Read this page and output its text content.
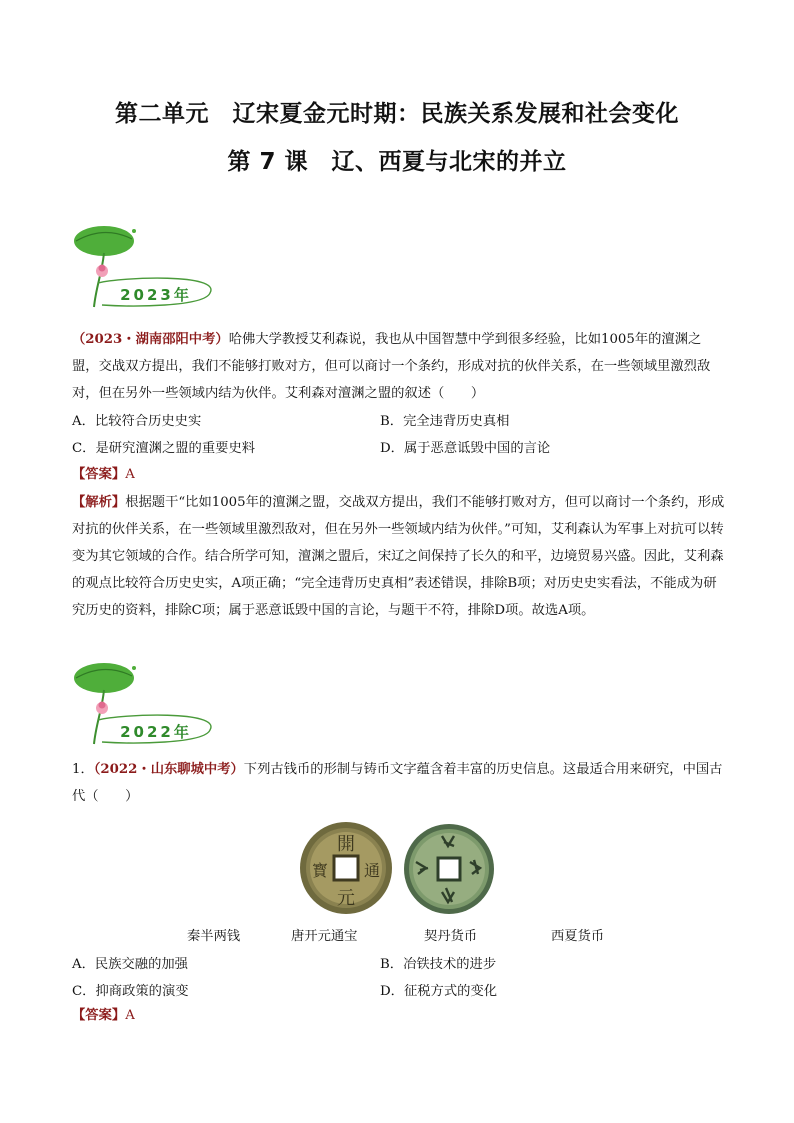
第二单元　辽宋夏金元时期：民族关系发展和社会变化
第 7 课　辽、西夏与北宋的并立
2023年
（2023・湖南邵阳中考）哈佛大学教授艾利森说，我也从中国智慧中学到很多经验，比如1005年的澶渊之盟，交战双方提出，我们不能够打败对方，但可以商讨一个条约，形成对抗的伙伴关系，在一些领域里激烈敌对，但在另外一些领域内结为伙伴。艾利森对澶渊之盟的叙述（　　）
A．比较符合历史史实	B．完全违背历史真相
C．是研究澶渊之盟的重要史料	D．属于恶意诋毁中国的言论
【答案】A
【解析】根据题干“比如1005年的澶渊之盟，交战双方提出，我们不能够打败对方，但可以商讨一个条约，形成对抗的伙伴关系，在一些领域里激烈敌对，但在另外一些领域内结为伙伴。”可知，艾利森认为军事上对抗可以转变为其它领域的合作。结合所学可知，澶渊之盟后，宋辽之间保持了长久的和平，边境贸易兴盛。因此，艾利森的观点比较符合历史史实，A项正确；“完全违背历史真相”表述错误，排除B项；对历史史实看法，不能成为研究历史的资料，排除C项；属于恶意诋毁中国的言论，与题干不符，排除D项。故选A项。
2022年
1．（2022・山东聊城中考）下列古钱币的形制与铸币文字蕴含着丰富的历史信息。这最适合用来研究，中国古代（　　）
開
元
寳 通
秦半两钱	唐开元通宝	契丹货币	西夏货币
A．民族交融的加强	B．冶铁技术的进步
C．抑商政策的演变	D．征税方式的变化
【答案】A
